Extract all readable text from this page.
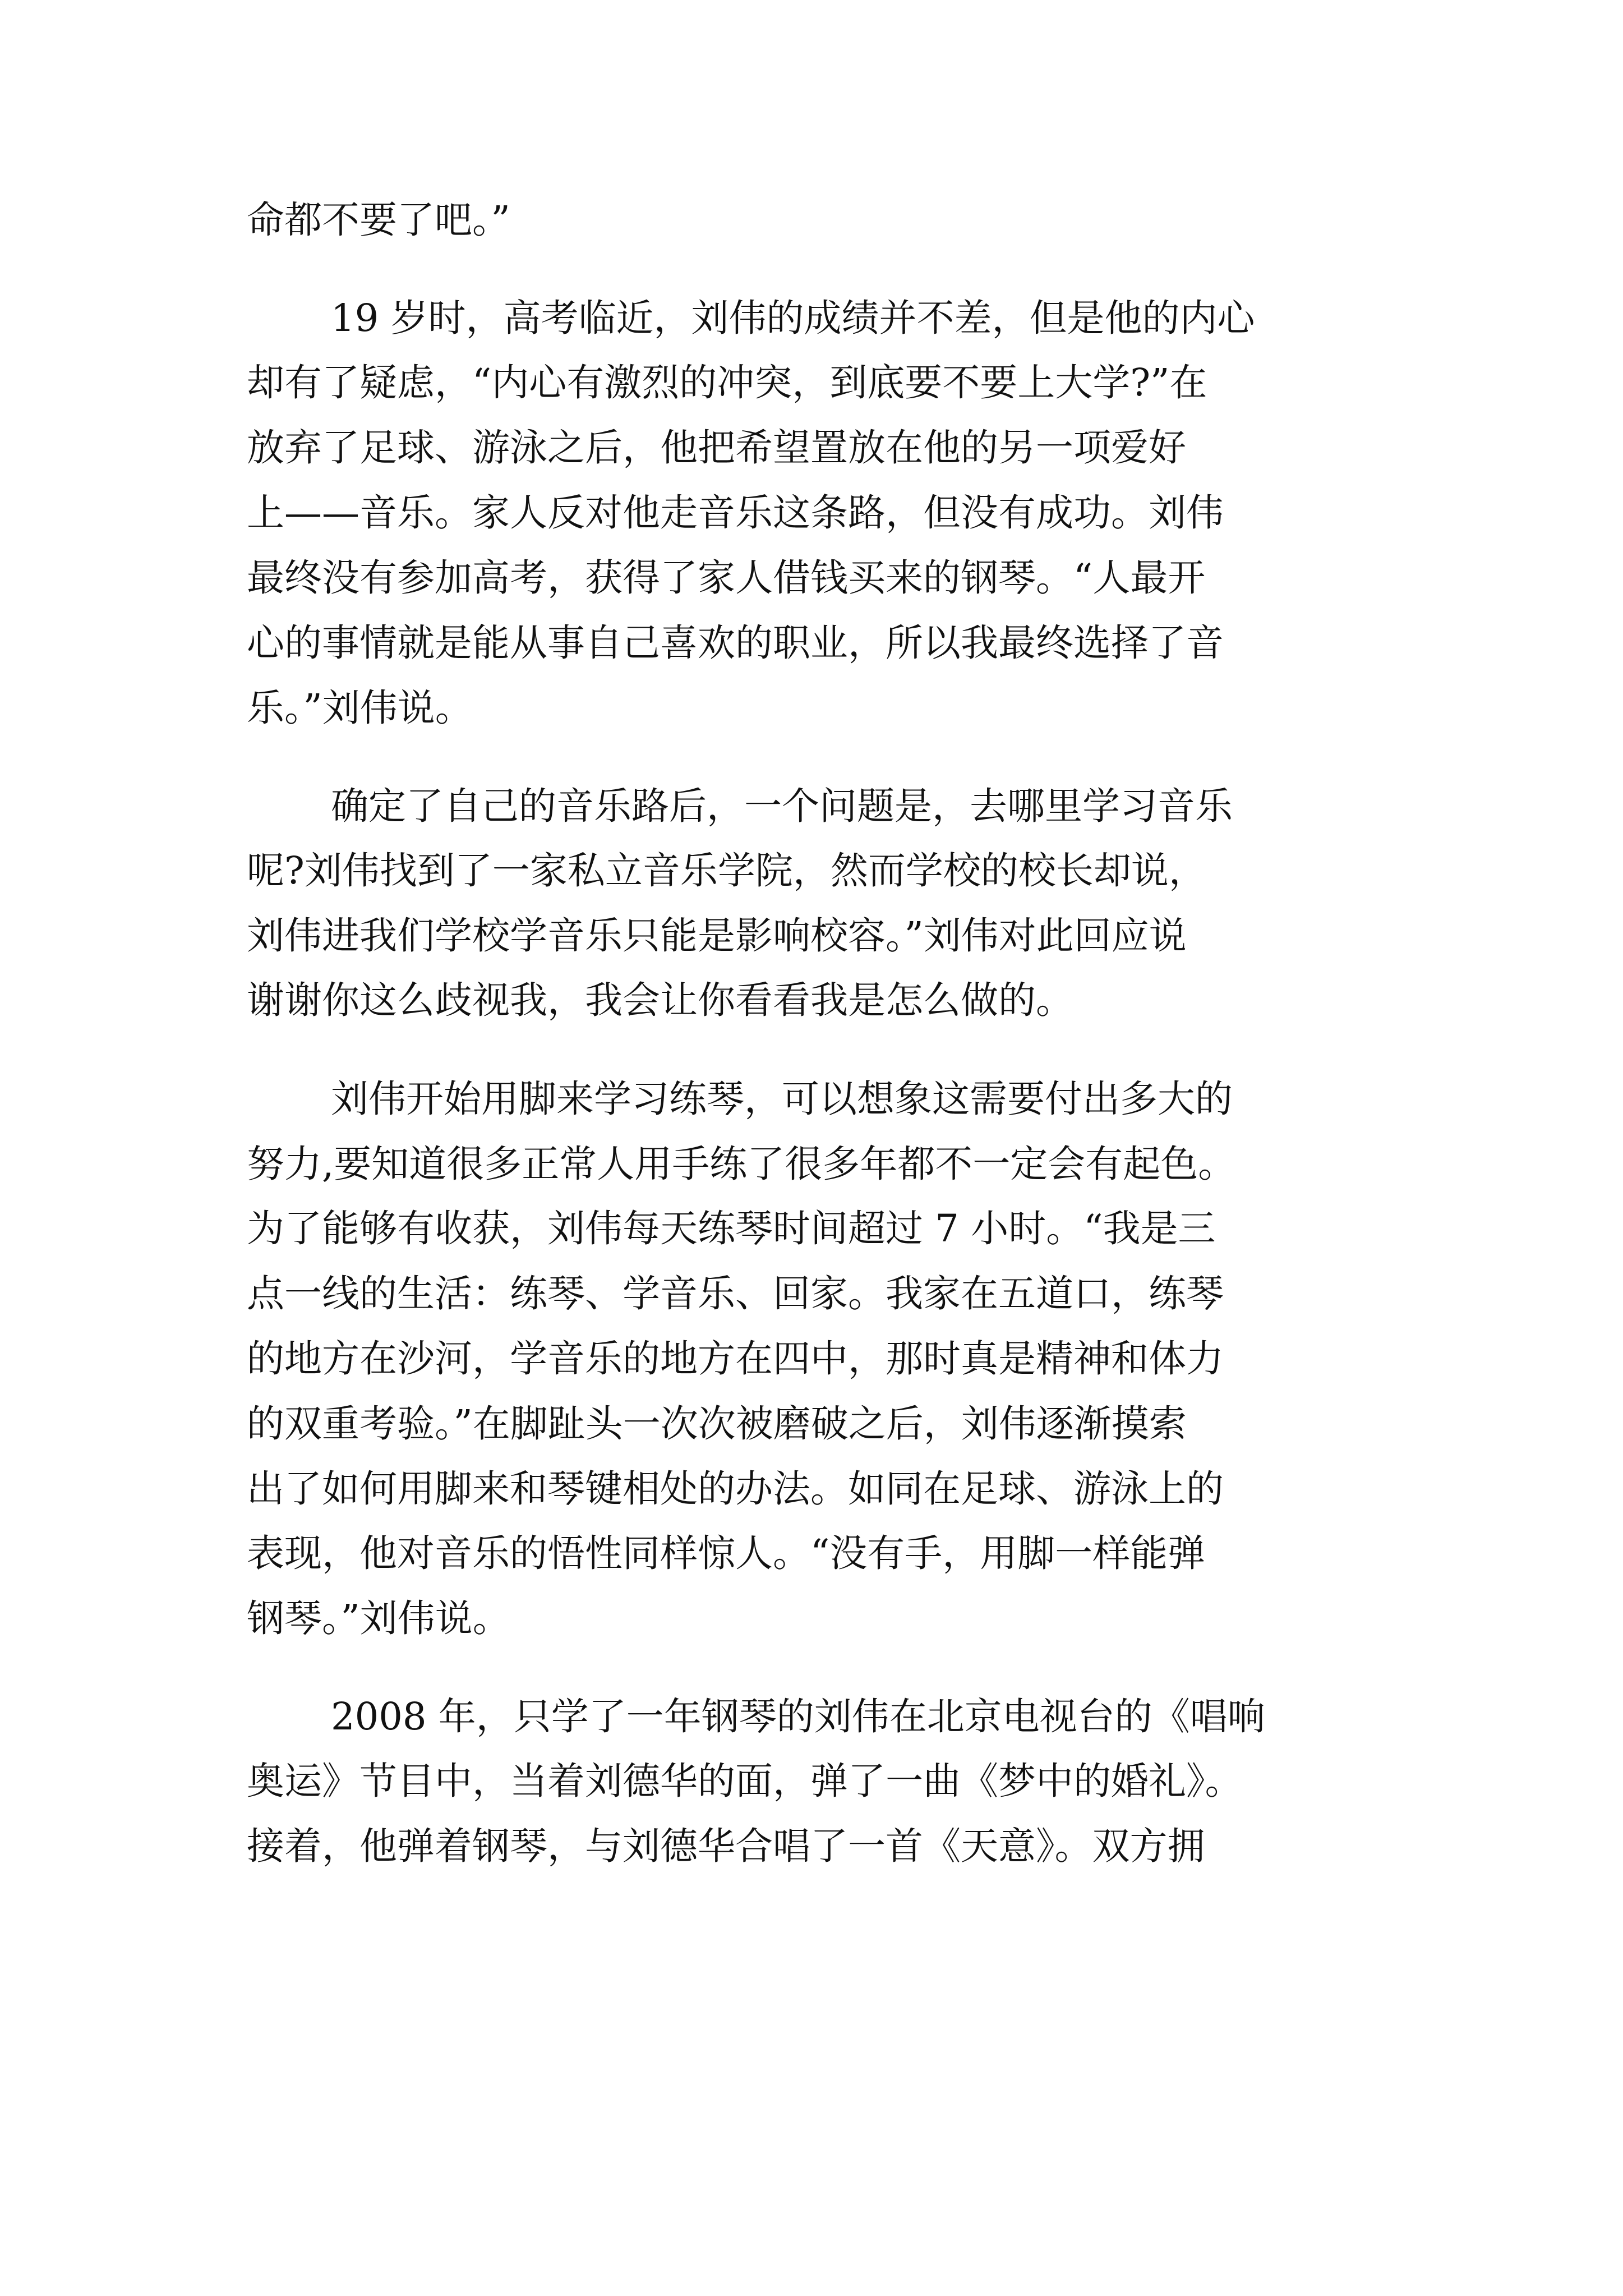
命都不要了吧。”
19 岁时，高考临近，刘伟的成绩并不差，但是他的内心
却有了疑虑，“内心有激烈的冲突，到底要不要上大学?”在
放弃了足球、游泳之后，他把希望置放在他的另一项爱好
上——音乐。家人反对他走音乐这条路，但没有成功。刘伟
最终没有参加高考，获得了家人借钱买来的钢琴。“人最开
心的事情就是能从事自己喜欢的职业，所以我最终选择了音
乐。”刘伟说。
确定了自己的音乐路后，一个问题是，去哪里学习音乐
呢?刘伟找到了一家私立音乐学院，然而学校的校长却说，
刘伟进我们学校学音乐只能是影响校容。”刘伟对此回应说
谢谢你这么歧视我，我会让你看看我是怎么做的。
刘伟开始用脚来学习练琴，可以想象这需要付出多大的
努力,要知道很多正常人用手练了很多年都不一定会有起色。
为了能够有收获，刘伟每天练琴时间超过 7 小时。“我是三
点一线的生活：练琴、学音乐、回家。我家在五道口，练琴
的地方在沙河，学音乐的地方在四中，那时真是精神和体力
的双重考验。”在脚趾头一次次被磨破之后，刘伟逐渐摸索
出了如何用脚来和琴键相处的办法。如同在足球、游泳上的
表现，他对音乐的悟性同样惊人。“没有手，用脚一样能弹
钢琴。”刘伟说。
2008 年，只学了一年钢琴的刘伟在北京电视台的《唱响
奥运》节目中，当着刘德华的面，弹了一曲《梦中的婚礼》。
接着，他弹着钢琴，与刘德华合唱了一首《天意》。双方拥
